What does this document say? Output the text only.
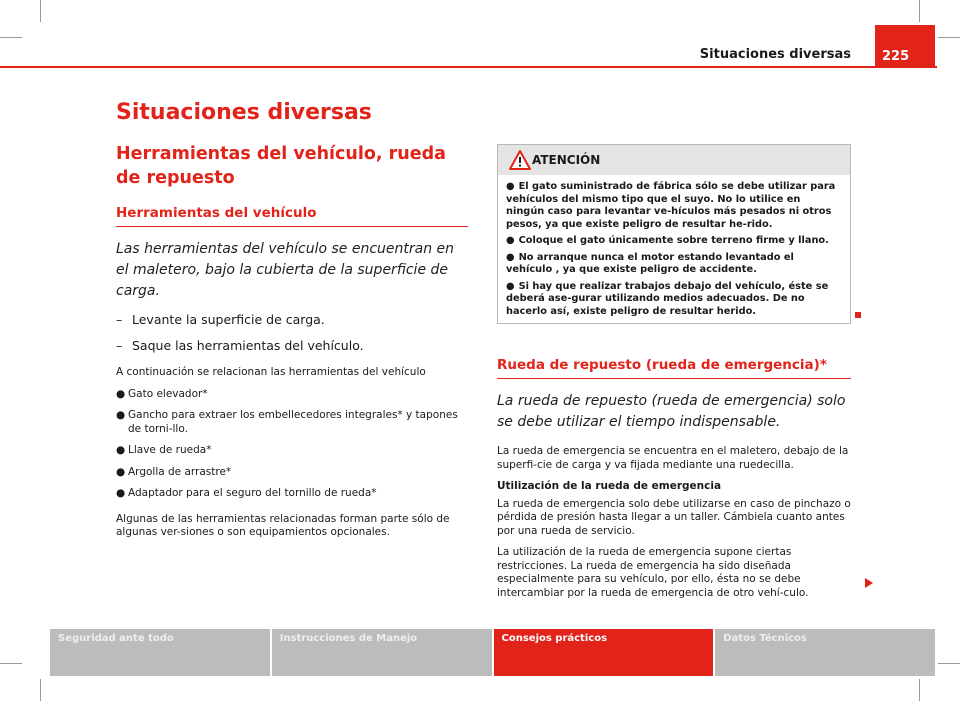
Situaciones diversas	225
Situaciones diversas
Herramientas del vehículo, rueda de repuesto
Herramientas del vehículo
Las herramientas del vehículo se encuentran en el maletero, bajo la cubierta de la superficie de carga.
– Levante la superficie de carga.
– Saque las herramientas del vehículo.
A continuación se relacionan las herramientas del vehículo
● Gato elevador*
● Gancho para extraer los embellecedores integrales* y tapones de torni-llo.
● Llave de rueda*
● Argolla de arrastre*
● Adaptador para el seguro del tornillo de rueda*
Algunas de las herramientas relacionadas forman parte sólo de algunas ver-siones o son equipamientos opcionales.
ATENCIÓN
● El gato suministrado de fábrica sólo se debe utilizar para vehículos del mismo tipo que el suyo. No lo utilice en ningún caso para levantar ve-hículos más pesados ni otros pesos, ya que existe peligro de resultar he-rido.
● Coloque el gato únicamente sobre terreno firme y llano.
● No arranque nunca el motor estando levantado el vehículo , ya que existe peligro de accidente.
● Si hay que realizar trabajos debajo del vehículo, éste se deberá ase-gurar utilizando medios adecuados. De no hacerlo así, existe peligro de resultar herido.
Rueda de repuesto (rueda de emergencia)*
La rueda de repuesto (rueda de emergencia) solo se debe utilizar el tiempo indispensable.
La rueda de emergencia se encuentra en el maletero, debajo de la superfi-cie de carga y va fijada mediante una ruedecilla.
Utilización de la rueda de emergencia
La rueda de emergencia solo debe utilizarse en caso de pinchazo o pérdida de presión hasta llegar a un taller. Cámbiela cuanto antes por una rueda de servicio.
La utilización de la rueda de emergencia supone ciertas restricciones. La rueda de emergencia ha sido diseñada especialmente para su vehículo, por ello, ésta no se debe intercambiar por la rueda de emergencia de otro vehí-culo.
Seguridad ante todo	Instrucciones de Manejo	Consejos prácticos	Datos Técnicos
